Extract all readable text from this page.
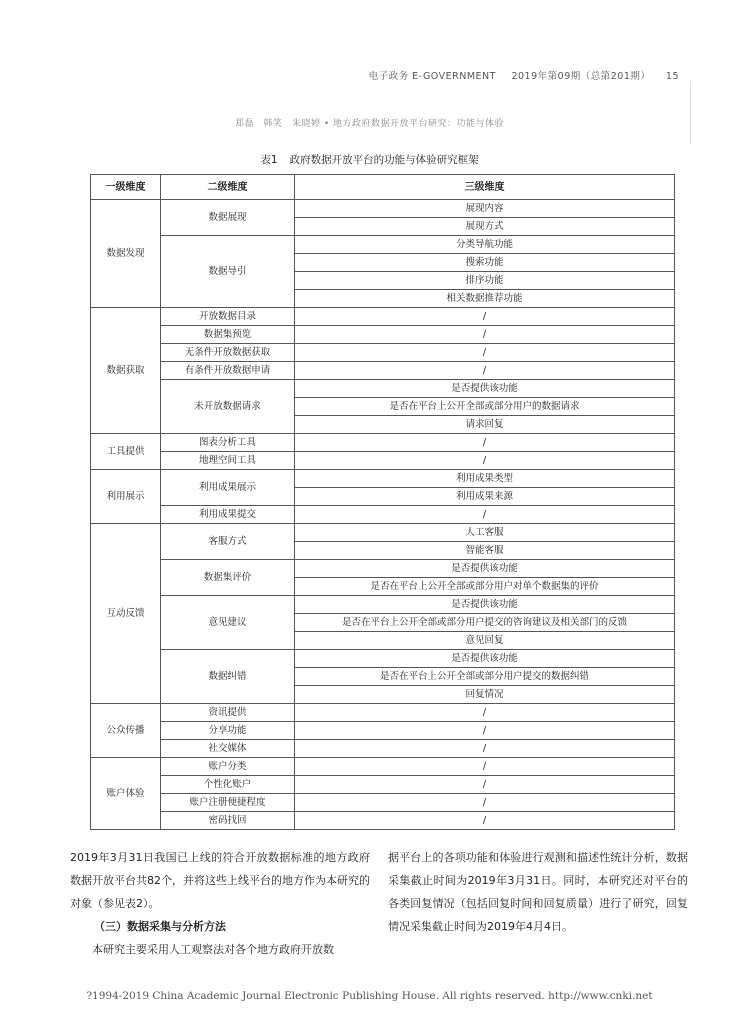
电子政务 E-GOVERNMENT 2019年第09期（总第201期） 15
郑磊　韩笑　朱晓婷 • 地方政府数据开放平台研究：功能与体验
表1 政府数据开放平台的功能与体验研究框架
一级维度	二级维度	三级维度
数据发现	数据展现	展现内容
		展现方式
	数据导引	分类导航功能
		搜索功能
		排序功能
		相关数据推荐功能
数据获取	开放数据目录	/
	数据集预览	/
	无条件开放数据获取	/
	有条件开放数据申请	/
	未开放数据请求	是否提供该功能
		是否在平台上公开全部或部分用户的数据请求
		请求回复
工具提供	图表分析工具	/
	地理空间工具	/
利用展示	利用成果展示	利用成果类型
		利用成果来源
	利用成果提交	/
互动反馈	客服方式	人工客服
		智能客服
	数据集评价	是否提供该功能
		是否在平台上公开全部或部分用户对单个数据集的评价
	意见建议	是否提供该功能
		是否在平台上公开全部或部分用户提交的咨询建议及相关部门的反馈
		意见回复
	数据纠错	是否提供该功能
		是否在平台上公开全部或部分用户提交的数据纠错
		回复情况
公众传播	资讯提供	/
	分享功能	/
	社交媒体	/
账户体验	账户分类	/
	个性化账户	/
	账户注册便捷程度	/
	密码找回	/

2019年3月31日我国已上线的符合开放数据标准的地方政府数据开放平台共82个，并将这些上线平台的地方作为本研究的对象（参见表2）。

（三）数据采集与分析方法

本研究主要采用人工观察法对各个地方政府开放数

据平台上的各项功能和体验进行观测和描述性统计分析，数据采集截止时间为2019年3月31日。同时，本研究还对平台的各类回复情况（包括回复时间和回复质量）进行了研究，回复情况采集截止时间为2019年4月4日。

?1994-2019 China Academic Journal Electronic Publishing House. All rights reserved. http://www.cnki.net
